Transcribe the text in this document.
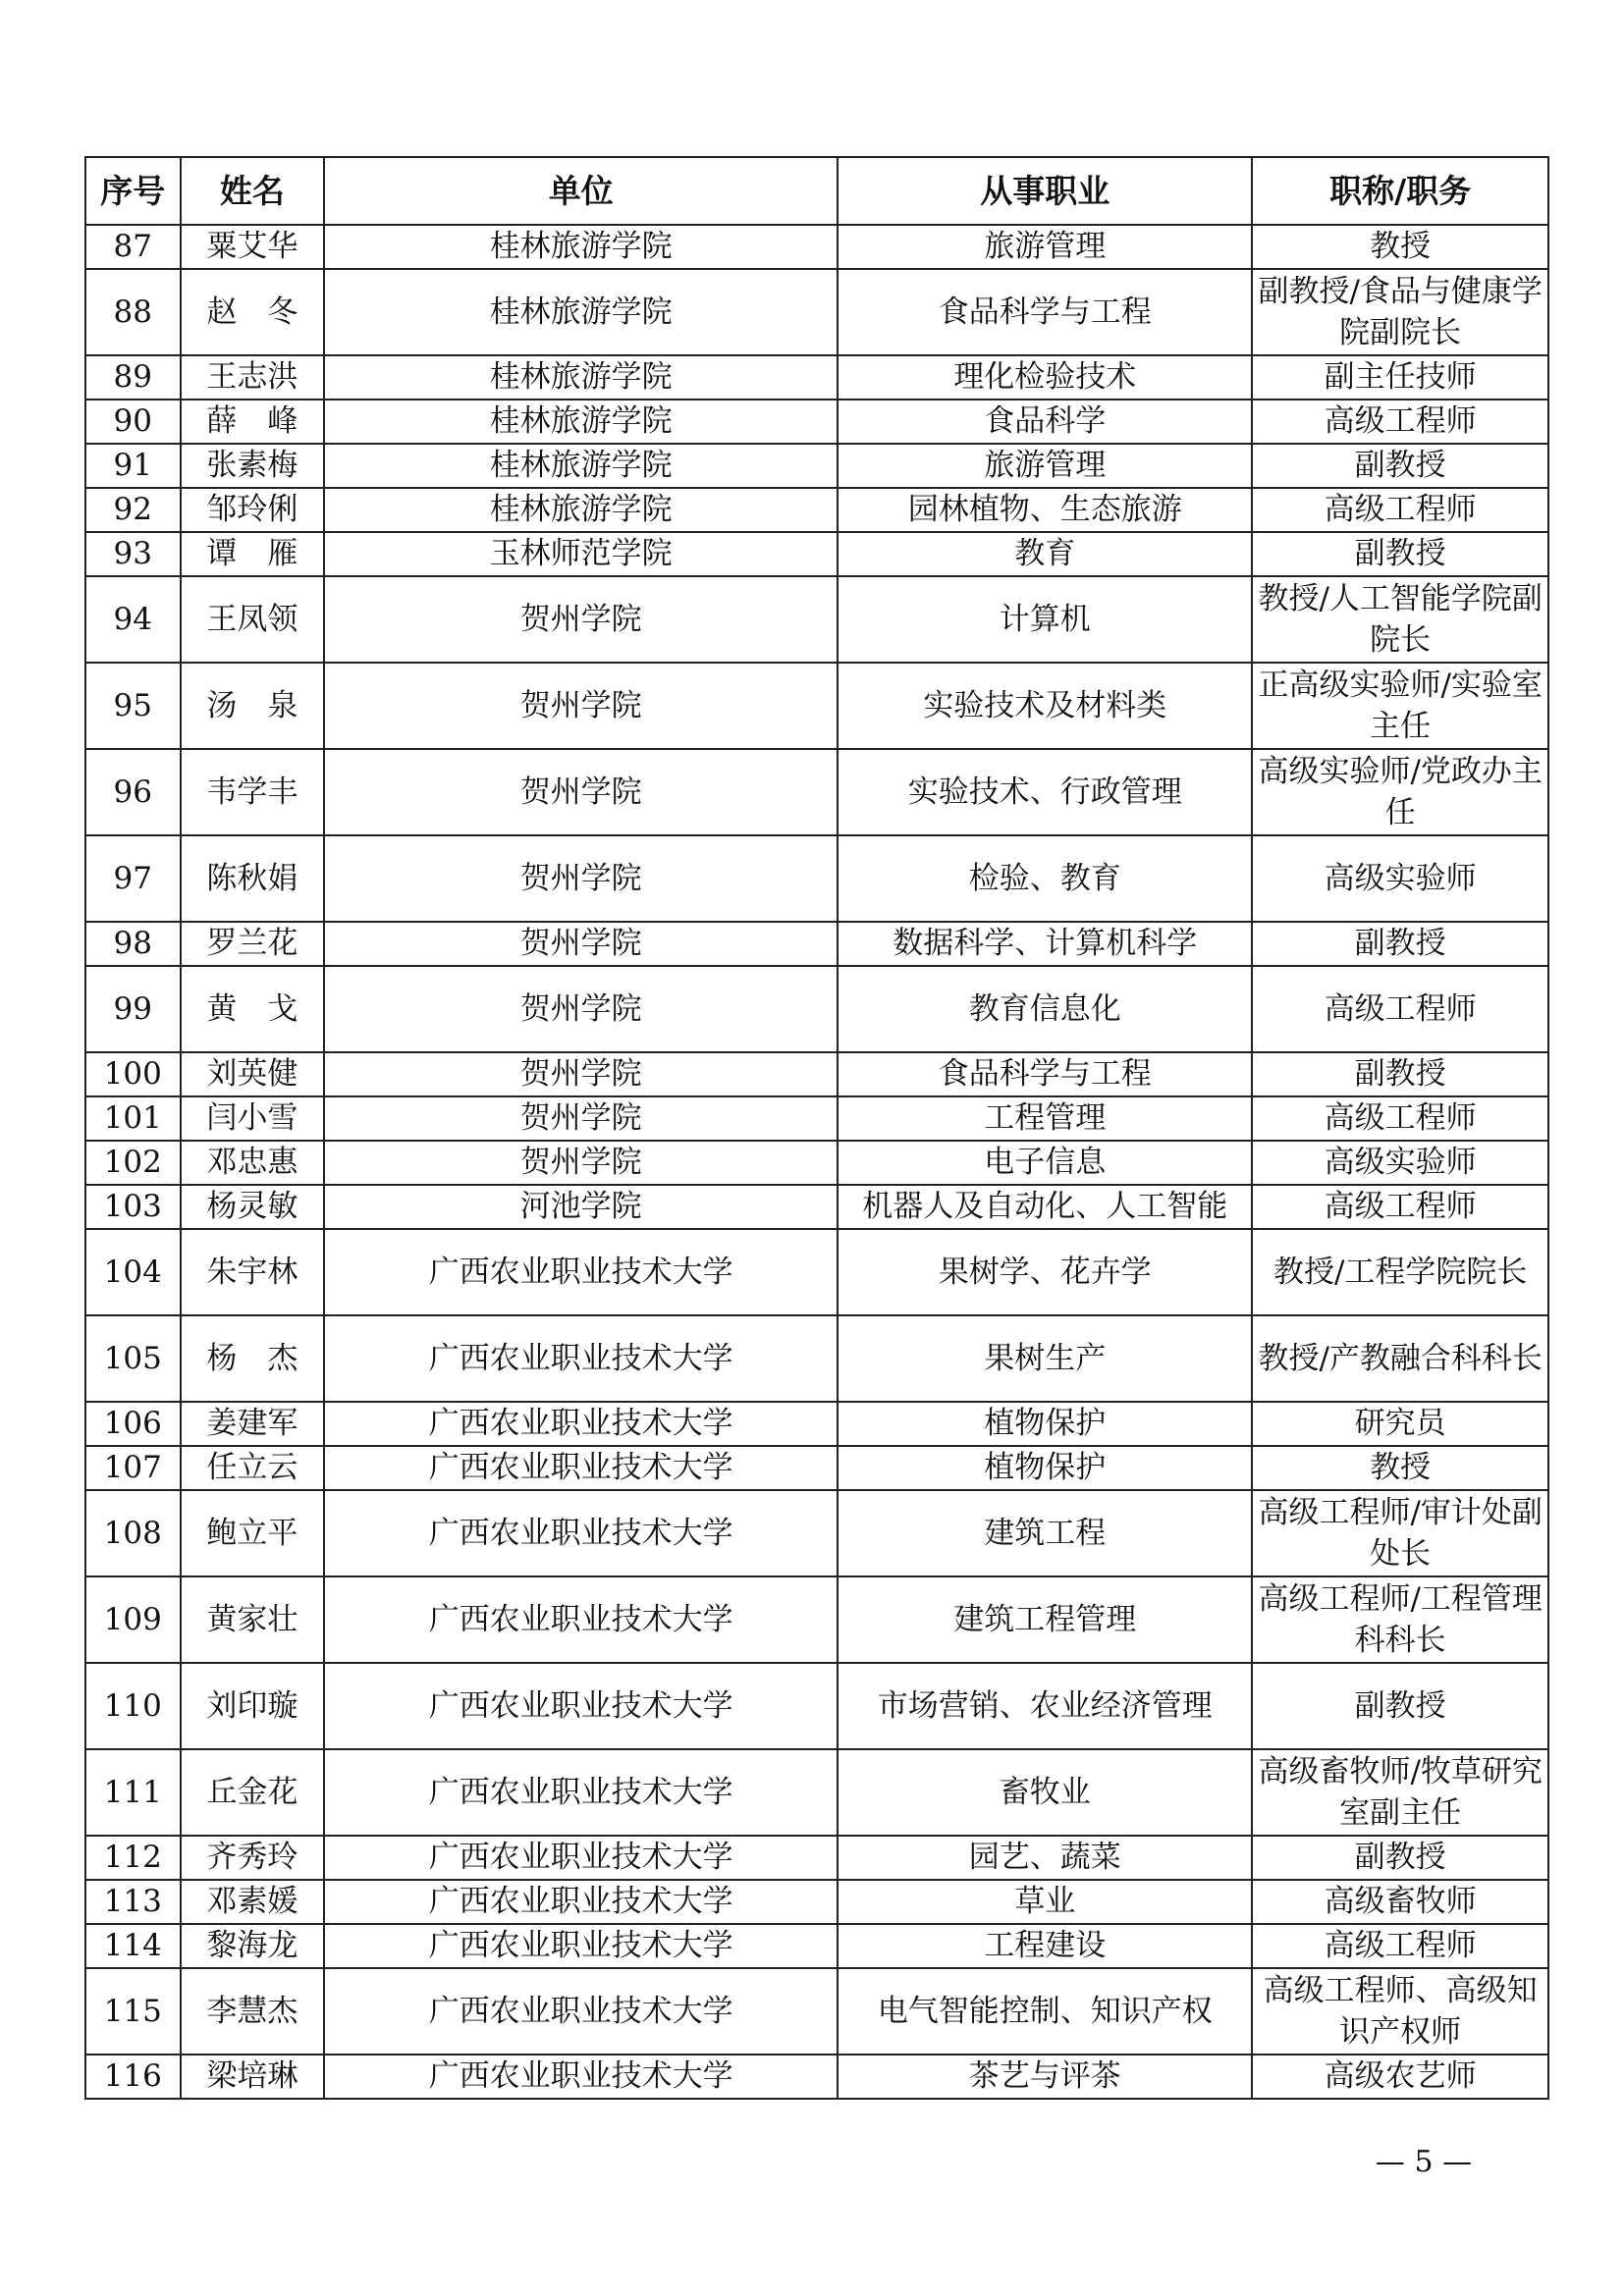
序号	姓名	单位	从事职业	职称/职务
87	粟艾华	桂林旅游学院	旅游管理	教授
88	赵　冬	桂林旅游学院	食品科学与工程	副教授/食品与健康学院副院长
89	王志洪	桂林旅游学院	理化检验技术	副主任技师
90	薛　峰	桂林旅游学院	食品科学	高级工程师
91	张素梅	桂林旅游学院	旅游管理	副教授
92	邹玲俐	桂林旅游学院	园林植物、生态旅游	高级工程师
93	谭　雁	玉林师范学院	教育	副教授
94	王凤领	贺州学院	计算机	教授/人工智能学院副院长
95	汤　泉	贺州学院	实验技术及材料类	正高级实验师/实验室主任
96	韦学丰	贺州学院	实验技术、行政管理	高级实验师/党政办主任
97	陈秋娟	贺州学院	检验、教育	高级实验师
98	罗兰花	贺州学院	数据科学、计算机科学	副教授
99	黄　戈	贺州学院	教育信息化	高级工程师
100	刘英健	贺州学院	食品科学与工程	副教授
101	闫小雪	贺州学院	工程管理	高级工程师
102	邓忠惠	贺州学院	电子信息	高级实验师
103	杨灵敏	河池学院	机器人及自动化、人工智能	高级工程师
104	朱宇林	广西农业职业技术大学	果树学、花卉学	教授/工程学院院长
105	杨　杰	广西农业职业技术大学	果树生产	教授/产教融合科科长
106	姜建军	广西农业职业技术大学	植物保护	研究员
107	任立云	广西农业职业技术大学	植物保护	教授
108	鲍立平	广西农业职业技术大学	建筑工程	高级工程师/审计处副处长
109	黄家壮	广西农业职业技术大学	建筑工程管理	高级工程师/工程管理科科长
110	刘印璇	广西农业职业技术大学	市场营销、农业经济管理	副教授
111	丘金花	广西农业职业技术大学	畜牧业	高级畜牧师/牧草研究室副主任
112	齐秀玲	广西农业职业技术大学	园艺、蔬菜	副教授
113	邓素媛	广西农业职业技术大学	草业	高级畜牧师
114	黎海龙	广西农业职业技术大学	工程建设	高级工程师
115	李慧杰	广西农业职业技术大学	电气智能控制、知识产权	高级工程师、高级知识产权师
116	梁培琳	广西农业职业技术大学	茶艺与评茶	高级农艺师
— 5 —
